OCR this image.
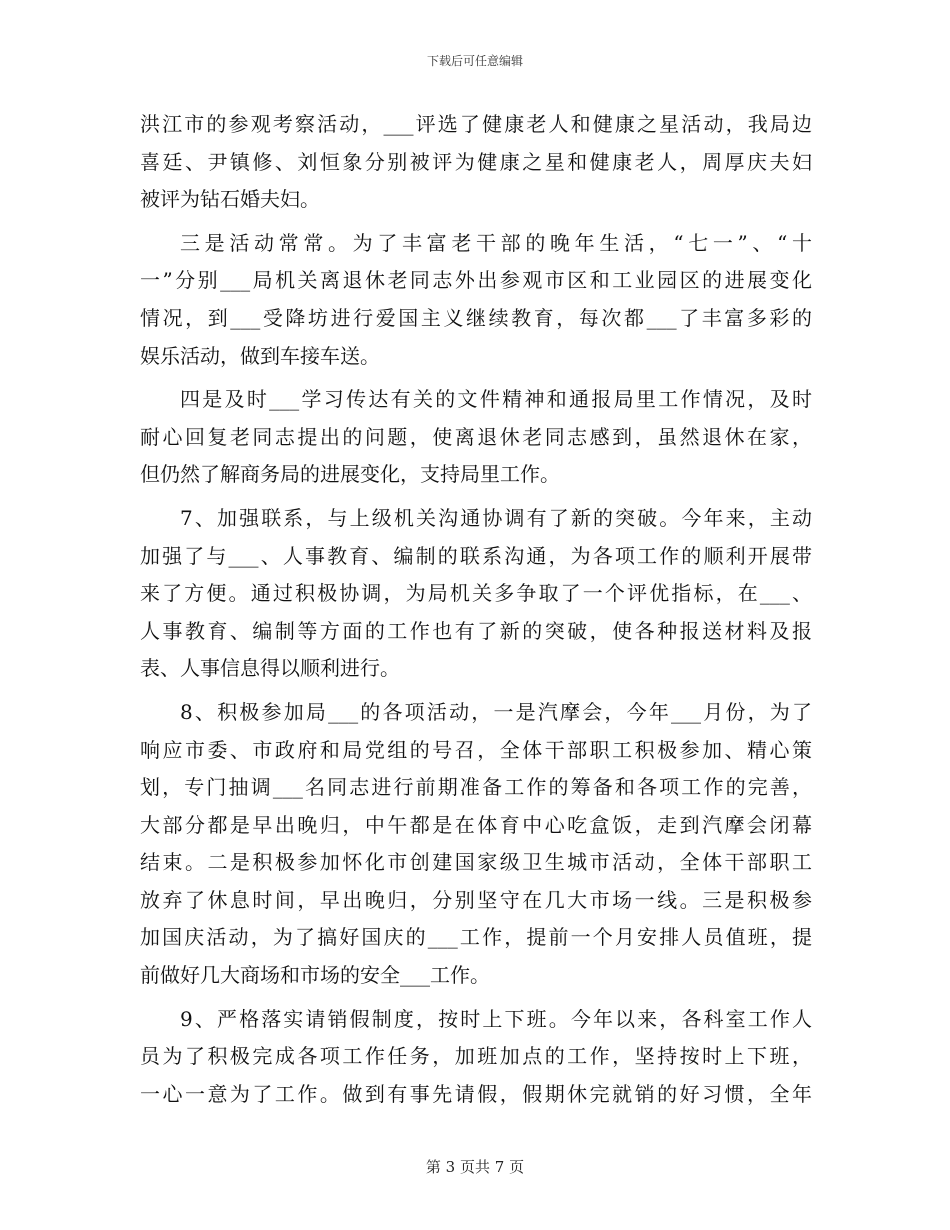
下载后可任意编辑
洪江市的参观考察活动，___评选了健康老人和健康之星活动，我局边
喜廷、尹镇修、刘恒象分别被评为健康之星和健康老人，周厚庆夫妇
被评为钻石婚夫妇。
三是活动常常。为了丰富老干部的晚年生活，“七一”、“十
一”分别___局机关离退休老同志外出参观市区和工业园区的进展变化
情况，到___受降坊进行爱国主义继续教育，每次都___了丰富多彩的
娱乐活动，做到车接车送。
四是及时___学习传达有关的文件精神和通报局里工作情况，及时
耐心回复老同志提出的问题，使离退休老同志感到，虽然退休在家，
但仍然了解商务局的进展变化，支持局里工作。
7、加强联系，与上级机关沟通协调有了新的突破。今年来，主动
加强了与___、人事教育、编制的联系沟通，为各项工作的顺利开展带
来了方便。通过积极协调，为局机关多争取了一个评优指标，在___、
人事教育、编制等方面的工作也有了新的突破，使各种报送材料及报
表、人事信息得以顺利进行。
8、积极参加局___的各项活动，一是汽摩会，今年___月份，为了
响应市委、市政府和局党组的号召，全体干部职工积极参加、精心策
划，专门抽调___名同志进行前期准备工作的筹备和各项工作的完善，
大部分都是早出晚归，中午都是在体育中心吃盒饭，走到汽摩会闭幕
结束。二是积极参加怀化市创建国家级卫生城市活动，全体干部职工
放弃了休息时间，早出晚归，分别坚守在几大市场一线。三是积极参
加国庆活动，为了搞好国庆的___工作，提前一个月安排人员值班，提
前做好几大商场和市场的安全___工作。
9、严格落实请销假制度，按时上下班。今年以来，各科室工作人
员为了积极完成各项工作任务，加班加点的工作，坚持按时上下班，
一心一意为了工作。做到有事先请假，假期休完就销的好习惯，全年
第 3 页共 7 页
